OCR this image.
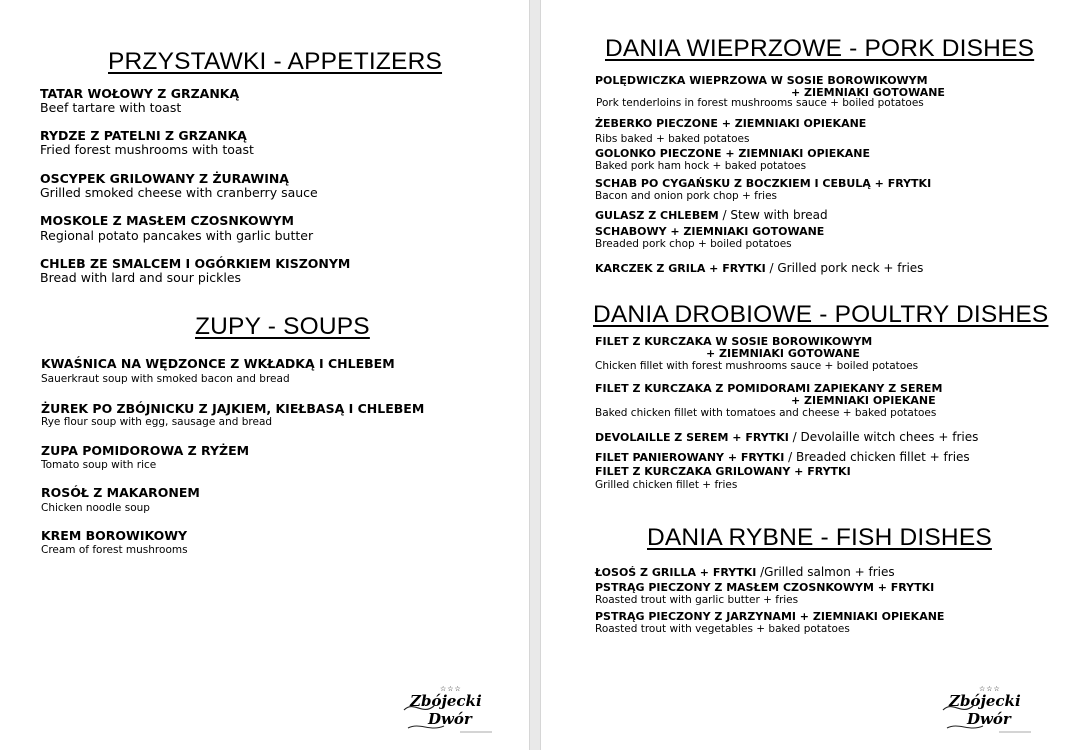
PRZYSTAWKI - APPETIZERS
TATAR WOŁOWY Z GRZANKĄ
Beef tartare with toast
RYDZE Z PATELNI Z GRZANKĄ
Fried forest mushrooms with toast
OSCYPEK GRILOWANY Z ŻURAWINĄ
Grilled smoked cheese with cranberry sauce
MOSKOLE Z MASŁEM CZOSNKOWYM
Regional potato pancakes with garlic butter
CHLEB ZE SMALCEM I OGÓRKIEM KISZONYM
Bread with lard and sour pickles
ZUPY - SOUPS
KWAŚNICA NA WĘDZONCE Z WKŁADKĄ I CHLEBEM
Sauerkraut soup with smoked bacon and bread
ŻUREK PO ZBÓJNICKU Z JAJKIEM, KIEŁBASĄ I CHLEBEM
Rye flour soup with egg, sausage and bread
ZUPA POMIDOROWA Z RYŻEM
Tomato soup with rice
ROSÓŁ Z MAKARONEM
Chicken noodle soup
KREM BOROWIKOWY
Cream of forest mushrooms
☆☆☆
Zbójecki
Dwór
DANIA WIEPRZOWE - PORK DISHES
POLĘDWICZKA WIEPRZOWA W SOSIE BOROWIKOWYM
+ ZIEMNIAKI GOTOWANE
Pork tenderloins in forest mushrooms sauce + boiled potatoes
ŻEBERKO PIECZONE + ZIEMNIAKI OPIEKANE
Ribs baked + baked potatoes
GOLONKO PIECZONE + ZIEMNIAKI OPIEKANE
Baked pork ham hock + baked potatoes
SCHAB PO CYGAŃSKU Z BOCZKIEM I CEBULĄ + FRYTKI
Bacon and onion pork chop + fries
GULASZ Z CHLEBEM / Stew with bread
SCHABOWY + ZIEMNIAKI GOTOWANE
Breaded pork chop + boiled potatoes
KARCZEK Z GRILA + FRYTKI / Grilled pork neck + fries
DANIA DROBIOWE - POULTRY DISHES
FILET Z KURCZAKA W SOSIE BOROWIKOWYM
+ ZIEMNIAKI GOTOWANE
Chicken fillet with forest mushrooms sauce + boiled potatoes
FILET Z KURCZAKA Z POMIDORAMI ZAPIEKANY Z SEREM
+ ZIEMNIAKI OPIEKANE
Baked chicken fillet with tomatoes and cheese + baked potatoes
DEVOLAILLE Z SEREM + FRYTKI / Devolaille witch chees + fries
FILET PANIEROWANY + FRYTKI / Breaded chicken fillet + fries
FILET Z KURCZAKA GRILOWANY + FRYTKI
Grilled chicken fillet + fries
DANIA RYBNE - FISH DISHES
ŁOSOŚ Z GRILLA + FRYTKI /Grilled salmon + fries
PSTRĄG PIECZONY Z MASŁEM CZOSNKOWYM + FRYTKI
Roasted trout with garlic butter + fries
PSTRĄG PIECZONY Z JARZYNAMI + ZIEMNIAKI OPIEKANE
Roasted trout with vegetables + baked potatoes
☆☆☆
Zbójecki
Dwór
